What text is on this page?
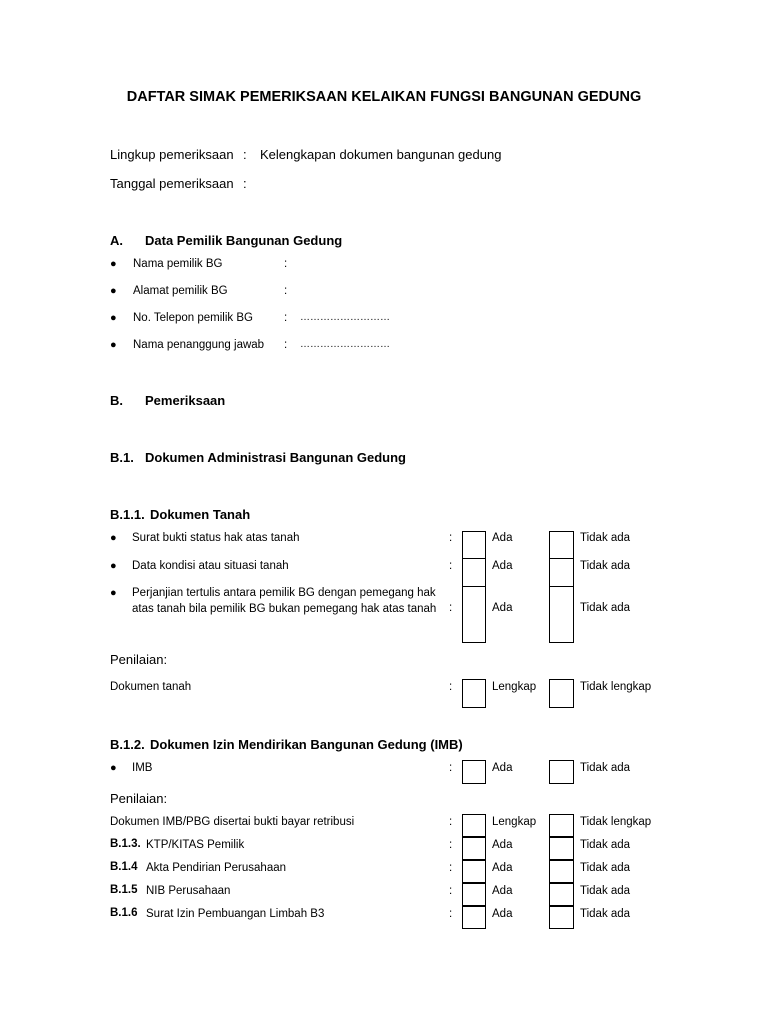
DAFTAR SIMAK PEMERIKSAAN KELAIKAN FUNGSI BANGUNAN GEDUNG
Lingkup pemeriksaan : Kelengkapan dokumen bangunan gedung
Tanggal pemeriksaan :
A. Data Pemilik Bangunan Gedung
● Nama pemilik BG	:
● Alamat pemilik BG	:
● No. Telepon pemilik BG	: ………………………
● Nama penanggung jawab : ………………………
B. Pemeriksaan
B.1. Dokumen Administrasi Bangunan Gedung
B.1.1. Dokumen Tanah
● Surat bukti status hak atas tanah	:	Ada	Tidak ada
● Data kondisi atau situasi tanah	:	Ada	Tidak ada
● Perjanjian tertulis antara pemilik BG dengan pemegang hak atas tanah bila pemilik BG bukan pemegang hak atas tanah	:	Ada	Tidak ada
Penilaian:
Dokumen tanah	:	Lengkap	Tidak lengkap
B.1.2. Dokumen Izin Mendirikan Bangunan Gedung (IMB)
● IMB	:	Ada	Tidak ada
Penilaian:
Dokumen IMB/PBG disertai bukti bayar retribusi	:	Lengkap	Tidak lengkap
B.1.3. KTP/KITAS Pemilik	:	Ada	Tidak ada
B.1.4 Akta Pendirian Perusahaan	:	Ada	Tidak ada
B.1.5 NIB Perusahaan	:	Ada	Tidak ada
B.1.6 Surat Izin Pembuangan Limbah B3	:	Ada	Tidak ada
